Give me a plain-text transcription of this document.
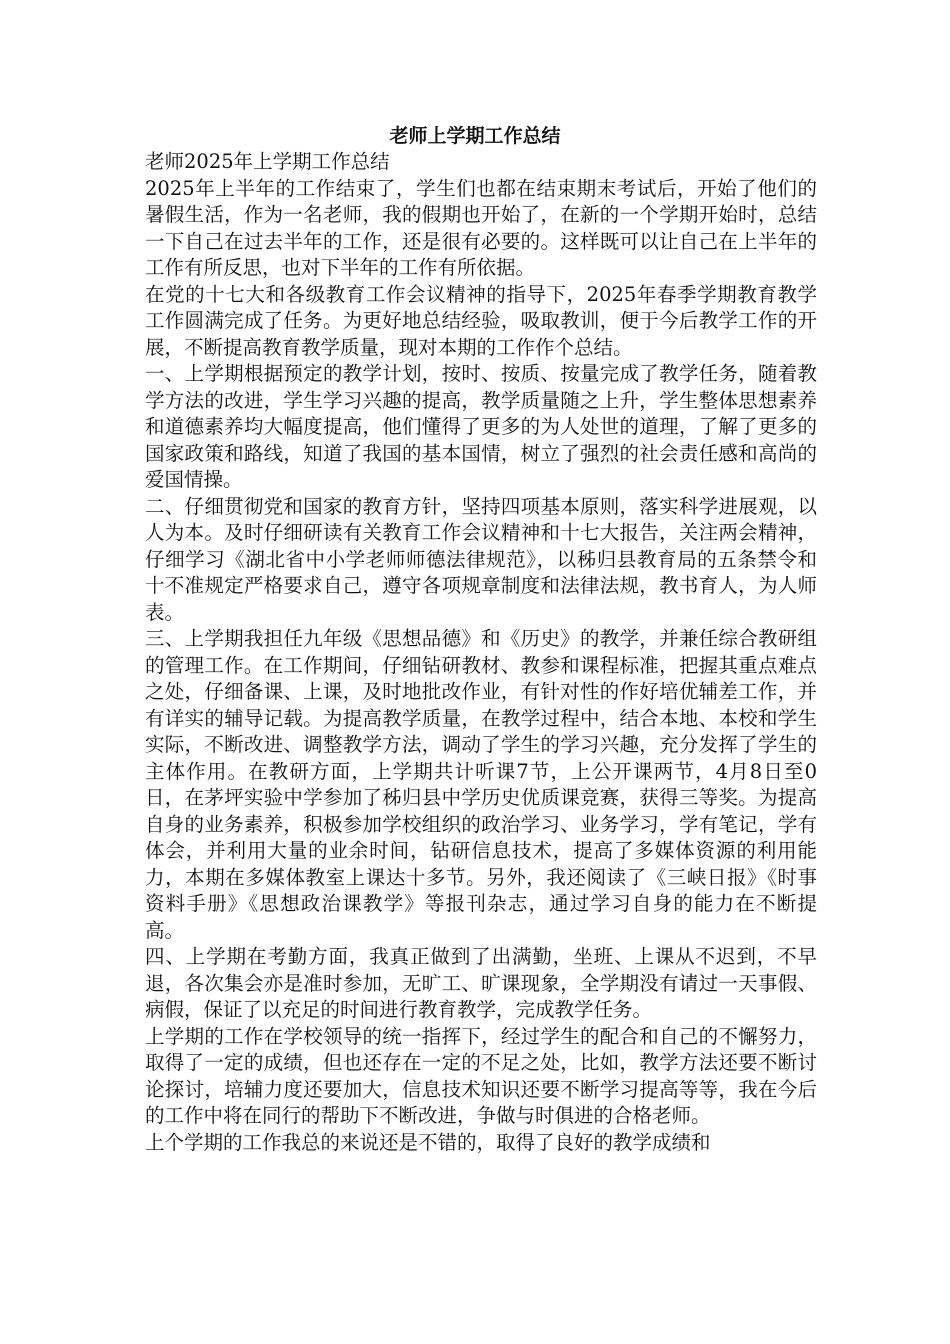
老师上学期工作总结

老师2025年上学期工作总结

2025年上半年的工作结束了，学生们也都在结束期末考试后，开始了他们的暑假生活，作为一名老师，我的假期也开始了，在新的一个学期开始时，总结一下自己在过去半年的工作，还是很有必要的。这样既可以让自己在上半年的工作有所反思，也对下半年的工作有所依据。

在党的十七大和各级教育工作会议精神的指导下，2025年春季学期教育教学工作圆满完成了任务。为更好地总结经验，吸取教训，便于今后教学工作的开展，不断提高教育教学质量，现对本期的工作作个总结。

一、上学期根据预定的教学计划，按时、按质、按量完成了教学任务，随着教学方法的改进，学生学习兴趣的提高，教学质量随之上升，学生整体思想素养和道德素养均大幅度提高，他们懂得了更多的为人处世的道理，了解了更多的国家政策和路线，知道了我国的基本国情，树立了强烈的社会责任感和高尚的爱国情操。

二、仔细贯彻党和国家的教育方针，坚持四项基本原则，落实科学进展观，以人为本。及时仔细研读有关教育工作会议精神和十七大报告，关注两会精神，仔细学习《湖北省中小学老师师德法律规范》，以秭归县教育局的五条禁令和十不准规定严格要求自己，遵守各项规章制度和法律法规，教书育人，为人师表。

三、上学期我担任九年级《思想品德》和《历史》的教学，并兼任综合教研组的管理工作。在工作期间，仔细钻研教材、教参和课程标准，把握其重点难点之处，仔细备课、上课，及时地批改作业，有针对性的作好培优辅差工作，并有详实的辅导记载。为提高教学质量，在教学过程中，结合本地、本校和学生实际，不断改进、调整教学方法，调动了学生的学习兴趣，充分发挥了学生的主体作用。在教研方面，上学期共计听课7节，上公开课两节，4月8日至0日，在茅坪实验中学参加了秭归县中学历史优质课竞赛，获得三等奖。为提高自身的业务素养，积极参加学校组织的政治学习、业务学习，学有笔记，学有体会，并利用大量的业余时间，钻研信息技术，提高了多媒体资源的利用能力，本期在多媒体教室上课达十多节。另外，我还阅读了《三峡日报》《时事资料手册》《思想政治课教学》等报刊杂志，通过学习自身的能力在不断提高。

四、上学期在考勤方面，我真正做到了出满勤，坐班、上课从不迟到，不早退，各次集会亦是准时参加，无旷工、旷课现象，全学期没有请过一天事假、病假，保证了以充足的时间进行教育教学，完成教学任务。

上学期的工作在学校领导的统一指挥下，经过学生的配合和自己的不懈努力，取得了一定的成绩，但也还存在一定的不足之处，比如，教学方法还要不断讨论探讨，培辅力度还要加大，信息技术知识还要不断学习提高等等，我在今后的工作中将在同行的帮助下不断改进，争做与时俱进的合格老师。

上个学期的工作我总的来说还是不错的，取得了良好的教学成绩和
